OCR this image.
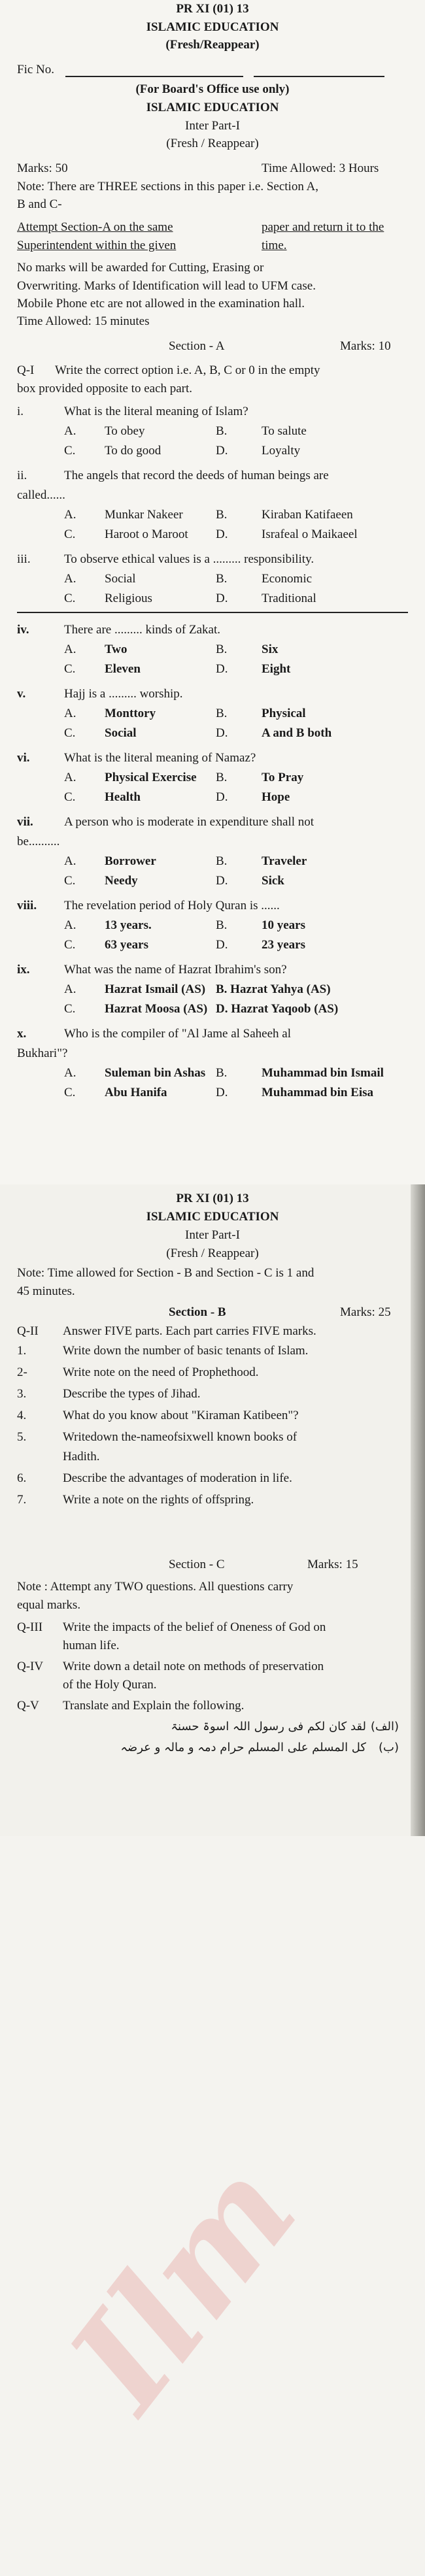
PR XI (01) 13
ISLAMIC EDUCATION
(Fresh/Reappear)
Fic No.
(For Board's Office use only)
ISLAMIC EDUCATION
Inter Part-I
(Fresh / Reappear)
Marks: 50	Time Allowed: 3 Hours
Note: There are THREE sections in this paper i.e. Section A,
B and C-
Attempt Section-A on the same	paper and return it to the
Superintendent within the given	time.
No marks will be awarded for Cutting, Erasing or
Overwriting. Marks of Identification will lead to UFM case.
Mobile Phone etc are not allowed in the examination hall.
Time Allowed: 15 minutes
Section - A	Marks: 10
Q-I Write the correct option i.e. A, B, C or 0 in the empty
box provided opposite to each part.
i.	What is the literal meaning of Islam?
A. To obey	B.	To salute
C. To do good	D.	Loyalty
ii.	The angels that record the deeds of human beings are
called......
A. Munkar Nakeer	B.	Kiraban Katifaeen
C. Haroot o Maroot D.	Israfeal o Maikaeel
iii.	To observe ethical values is a ......... responsibility.
A. Social	B.	Economic
C. Religious	D.	Traditional
iv.	There are ......... kinds of Zakat.
A. Two	B.	Six
C. Eleven	D.	Eight
v.	Hajj is a ......... worship.
A. Monttory	B.	Physical
C. Social	D.	A and B both
vi.	What is the literal meaning of Namaz?
A. Physical Exercise B.	To Pray
C. Health	D.	Hope
vii. A person who is moderate in expenditure shall not
be..........
A. Borrower	B.	Traveler
C. Needy	D.	Sick
viii. The revelation period of Holy Quran is ......
A. 13 years.	B.	10 years
C. 63 years	D.	23 years
ix.	What was the name of Hazrat Ibrahim's son?
A. Hazrat Ismail (AS) B. Hazrat Yahya (AS)
C. Hazrat Moosa (AS) D. Hazrat Yaqoob (AS)
x.	Who is the compiler of "Al Jame al Saheeh al
Bukhari"?
A. Suleman bin Ashas B.	Muhammad bin Ismail
C. Abu Hanifa	D.	Muhammad bin Eisa
Ilm
PR XI (01) 13
ISLAMIC EDUCATION
Inter Part-I
(Fresh / Reappear)
Note: Time allowed for Section - B and Section - C is 1 and
45 minutes.
Section - B	Marks: 25
Q-II Answer FIVE parts. Each part carries FIVE marks.
1.	Write down the number of basic tenants of Islam.
2-	Write note on the need of Prophethood.
3.	Describe the types of Jihad.
4.	What do you know about "Kiraman Katibeen"?
5.	Writedown the-nameofsixwell known books of
Hadith.
6.	Describe the advantages of moderation in life.
7.	Write a note on the rights of offspring.
Section - C	Marks: 15
Note : Attempt any TWO questions. All questions carry
equal marks.
Q-III Write the impacts of the belief of Oneness of God on
human life.
Q-IV Write down a detail note on methods of preservation
of the Holy Quran.
Q-V Translate and Explain the following.
لقد کان لکم فی رسول اللہ اسوۃ حسنۃ (الف)
کل المسلم علی المسلم حرام دمہ و مالہ و عرضہ (ب)
